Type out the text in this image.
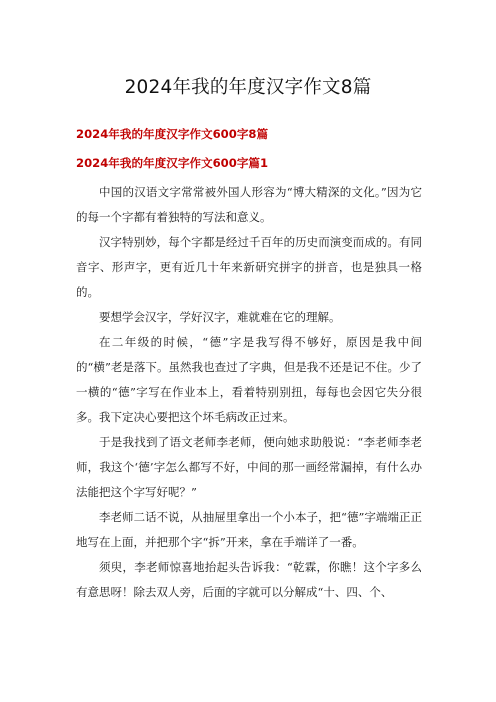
2024年我的年度汉字作文8篇
2024年我的年度汉字作文600字8篇
2024年我的年度汉字作文600字篇1

中国的汉语文字常常被外国人形容为“博大精深的文化。”因为它的每一个字都有着独特的写法和意义。

汉字特别妙，每个字都是经过千百年的历史而演变而成的。有同音字、形声字，更有近几十年来新研究拼字的拼音，也是独具一格的。

要想学会汉字，学好汉字，难就难在它的理解。

在二年级的时候，“德”字是我写得不够好，原因是我中间的“横”老是落下。虽然我也查过了字典，但是我不还是记不住。少了一横的“德”字写在作业本上，看着特别别扭，每每也会因它失分很多。我下定决心要把这个坏毛病改正过来。

于是我找到了语文老师李老师，便向她求助般说：“李老师李老师，我这个‘德’字怎么都写不好，中间的那一画经常漏掉，有什么办法能把这个字写好呢？”

李老师二话不说，从抽屉里拿出一个小本子，把“德”字端端正正地写在上面，并把那个字“拆”开来，拿在手端详了一番。

须臾，李老师惊喜地抬起头告诉我：“乾霖，你瞧！这个字多么有意思呀！除去双人旁，后面的字就可以分解成“十、四、个、
